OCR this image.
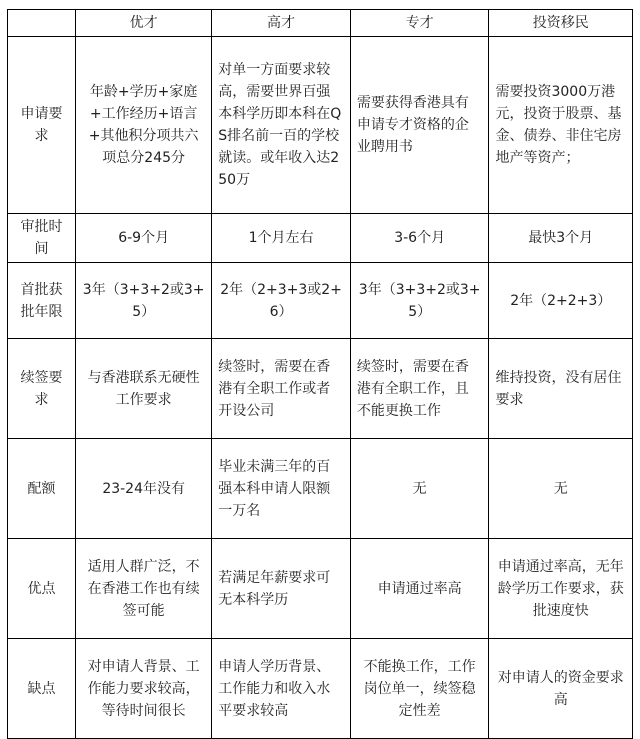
	优才	高才	专才	投资移民
申请要求	年龄+学历+家庭+工作经历+语言+其他积分项共六项总分245分	对单一方面要求较高，需要世界百强本科学历即本科在QS排名前一百的学校就读。或年收入达250万	需要获得香港具有申请专才资格的企业聘用书	需要投资3000万港元，投资于股票、基金、债券、非住宅房地产等资产；
审批时间	6-9个月	1个月左右	3-6个月	最快3个月
首批获批年限	3年（3+3+2或3+5）	2年（2+3+3或2+6）	3年（3+3+2或3+5）	2年（2+2+3）
续签要求	与香港联系无硬性工作要求	续签时，需要在香港有全职工作或者开设公司	续签时，需要在香港有全职工作，且不能更换工作	维持投资，没有居住要求
配额	23-24年没有	毕业未满三年的百强本科申请人限额一万名	无	无
优点	适用人群广泛，不在香港工作也有续签可能	若满足年薪要求可无本科学历	申请通过率高	申请通过率高，无年龄学历工作要求，获批速度快
缺点	对申请人背景、工作能力要求较高，等待时间很长	申请人学历背景、工作能力和收入水平要求较高	不能换工作，工作岗位单一，续签稳定性差	对申请人的资金要求高
